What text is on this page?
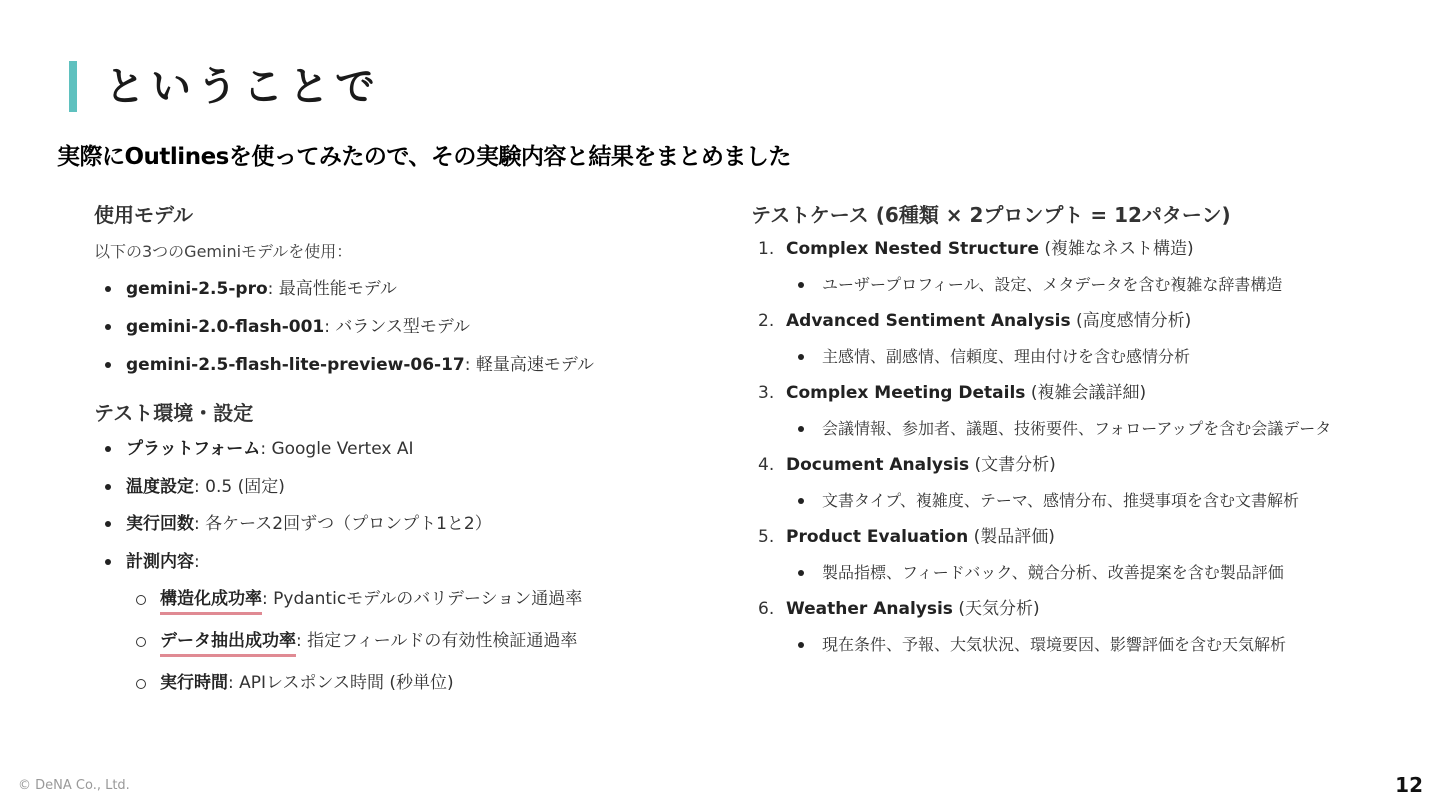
ということで
実際にOutlinesを使ってみたので、その実験内容と結果をまとめました
使用モデル
以下の3つのGeminiモデルを使用：
gemini-2.5-pro: 最高性能モデル
gemini-2.0-flash-001: バランス型モデル
gemini-2.5-flash-lite-preview-06-17: 軽量高速モデル
テスト環境・設定
プラットフォーム: Google Vertex AI
温度設定: 0.5 (固定)
実行回数: 各ケース2回ずつ（プロンプト1と2）
計測内容:
構造化成功率: Pydanticモデルのバリデーション通過率
データ抽出成功率: 指定フィールドの有効性検証通過率
実行時間: APIレスポンス時間 (秒単位)
テストケース (6種類 × 2プロンプト = 12パターン)
1. Complex Nested Structure (複雑なネスト構造)
ユーザープロフィール、設定、メタデータを含む複雑な辞書構造
2. Advanced Sentiment Analysis (高度感情分析)
主感情、副感情、信頼度、理由付けを含む感情分析
3. Complex Meeting Details (複雑会議詳細)
会議情報、参加者、議題、技術要件、フォローアップを含む会議データ
4. Document Analysis (文書分析)
文書タイプ、複雑度、テーマ、感情分布、推奨事項を含む文書解析
5. Product Evaluation (製品評価)
製品指標、フィードバック、競合分析、改善提案を含む製品評価
6. Weather Analysis (天気分析)
現在条件、予報、大気状況、環境要因、影響評価を含む天気解析
© DeNA Co., Ltd.	12
